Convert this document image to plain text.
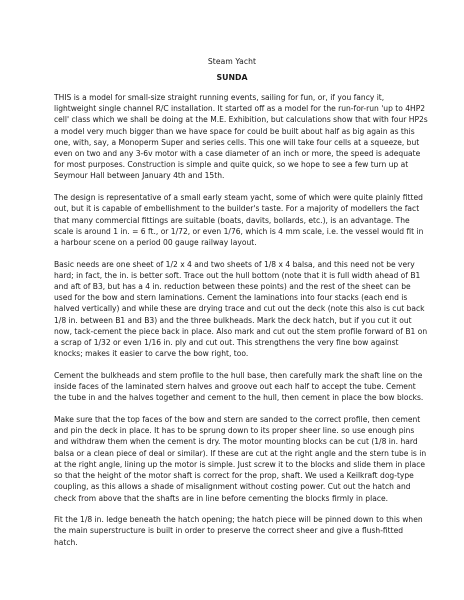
Steam Yacht
SUNDA

THIS is a model for small-size straight running events, sailing for fun, or, if you fancy it, lightweight single channel R/C installation. It started off as a model for the run-for-run 'up to 4HP2 cell' class which we shall be doing at the M.E. Exhibition, but calculations show that with four HP2s a model very much bigger than we have space for could be built about half as big again as this one, with, say, a Monoperm Super and series cells. This one will take four cells at a squeeze, but even on two and any 3-6v motor with a case diameter of an inch or more, the speed is adequate for most purposes. Construction is simple and quite quick, so we hope to see a few turn up at Seymour Hall between January 4th and 15th.

The design is representative of a small early steam yacht, some of which were quite plainly fitted out, but it is capable of embellishment to the builder's taste. For a majority of modellers the fact that many commercial fittings are suitable (boats, davits, bollards, etc.), is an advantage. The scale is around 1 in. = 6 ft., or 1/72, or even 1/76, which is 4 mm scale, i.e. the vessel would fit in a harbour scene on a period 00 gauge railway layout.

Basic needs are one sheet of 1/2 x 4 and two sheets of 1/8 x 4 balsa, and this need not be very hard; in fact, the in. is better soft. Trace out the hull bottom (note that it is full width ahead of B1 and aft of B3, but has a 4 in. reduction between these points) and the rest of the sheet can be used for the bow and stern laminations. Cement the laminations into four stacks (each end is halved vertically) and while these are drying trace and cut out the deck (note this also is cut back 1/8 in. between B1 and B3) and the three bulkheads. Mark the deck hatch, but if you cut it out now, tack-cement the piece back in place. Also mark and cut out the stem profile forward of B1 on a scrap of 1/32 or even 1/16 in. ply and cut out. This strengthens the very fine bow against knocks; makes it easier to carve the bow right, too.

Cement the bulkheads and stem profile to the hull base, then carefully mark the shaft line on the inside faces of the laminated stern halves and groove out each half to accept the tube. Cement the tube in and the halves together and cement to the hull, then cement in place the bow blocks.

Make sure that the top faces of the bow and stern are sanded to the correct profile, then cement and pin the deck in place. It has to be sprung down to its proper sheer line. so use enough pins and withdraw them when the cement is dry. The motor mounting blocks can be cut (1/8 in. hard balsa or a clean piece of deal or similar). If these are cut at the right angle and the stern tube is in at the right angle, lining up the motor is simple. Just screw it to the blocks and slide them in place so that the height of the motor shaft is correct for the prop, shaft. We used a Keilkraft dog-type coupling, as this allows a shade of misalignment without costing power. Cut out the hatch and check from above that the shafts are in line before cementing the blocks firmly in place.

Fit the 1/8 in. ledge beneath the hatch opening; the hatch piece will be pinned down to this when the main superstructure is built in order to preserve the correct sheer and give a flush-fitted hatch.
